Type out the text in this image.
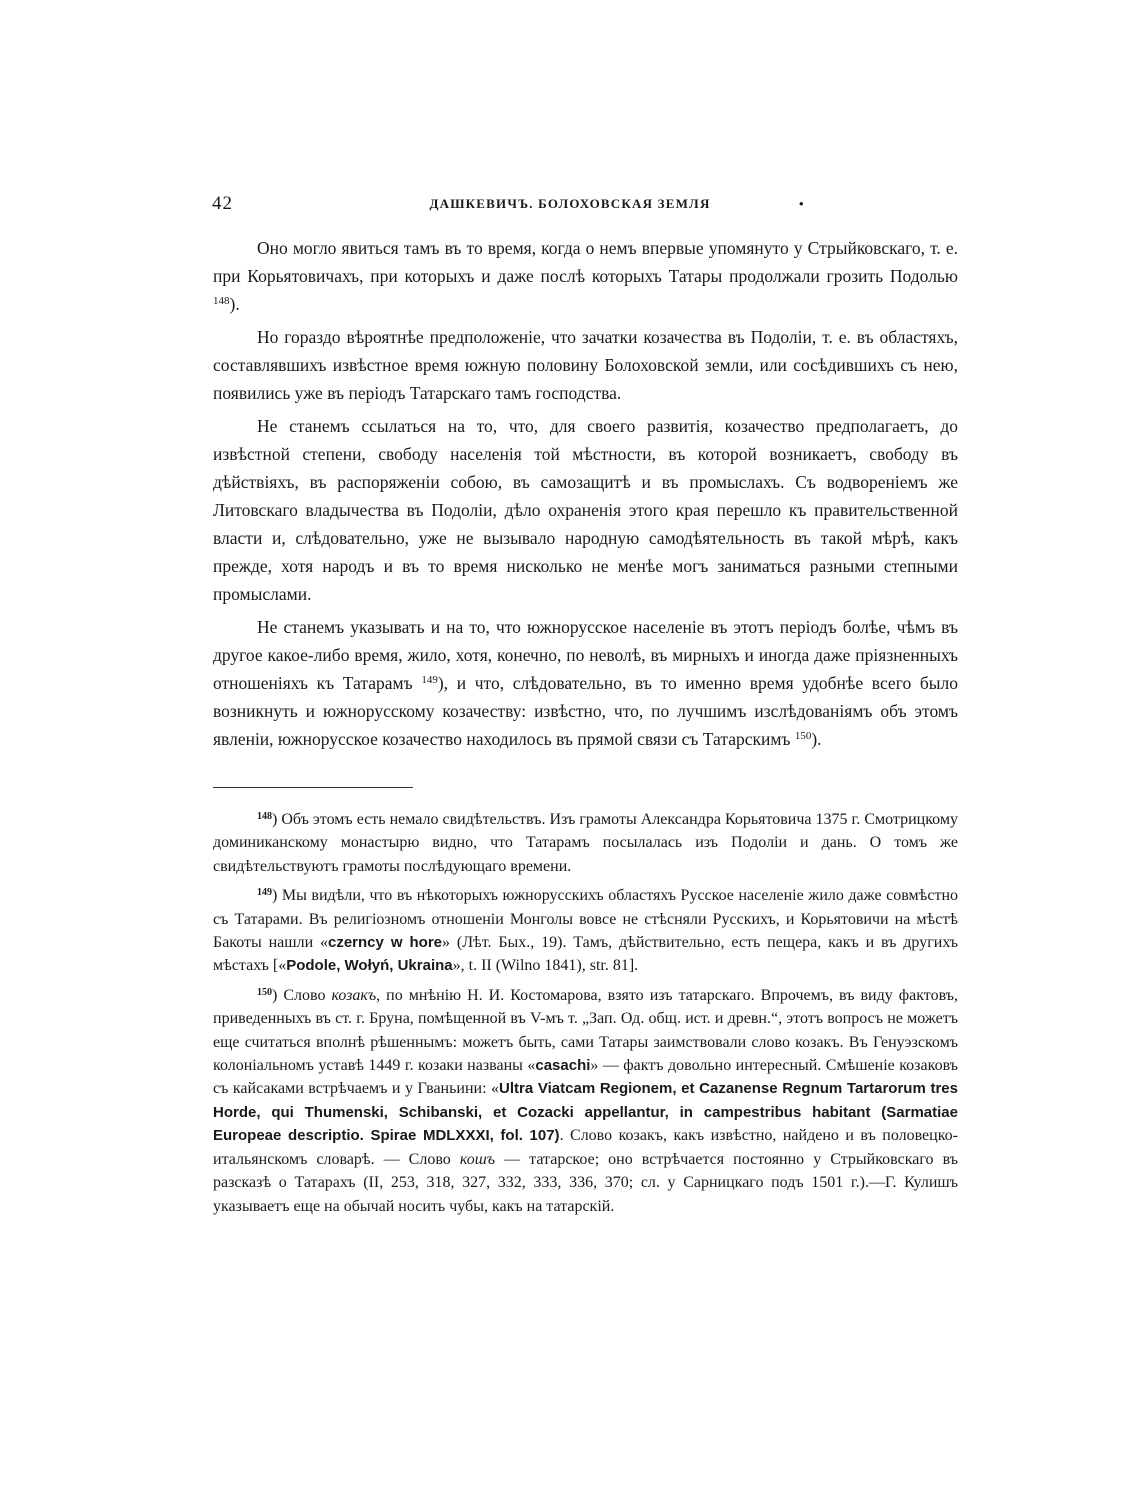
42	ДАШКЕВИЧЪ. БОЛОХОВСКАЯ ЗЕМЛЯ	•

Оно могло явиться тамъ въ то время, когда о немъ впервые упомянуто у Стрыйковскаго, т. е. при Корьятовичахъ, при которыхъ и даже послѣ которыхъ Татары продолжали грозить Подолью $^{148}$).

Но гораздо вѣроятнѣе предположеніе, что зачатки козачества въ Подоліи, т. е. въ областяхъ, составлявшихъ извѣстное время южную половину Болоховской земли, или сосѣдившихъ съ нею, появились уже въ періодъ Татарскаго тамъ господства.

Не станемъ ссылаться на то, что, для своего развитія, козачество предполагаетъ, до извѣстной степени, свободу населенія той мѣстности, въ которой возникаетъ, свободу въ дѣйствіяхъ, въ распоряженіи собою, въ самозащитѣ и въ промыслахъ. Съ водвореніемъ же Литовскаго владычества въ Подоліи, дѣло охраненія этого края перешло къ правительственной власти и, слѣдовательно, уже не вызывало народную самодѣятельность въ такой мѣрѣ, какъ прежде, хотя народъ и въ то время нисколько не менѣе могъ заниматься разными степными промыслами.

Не станемъ указывать и на то, что южнорусское населеніе въ этотъ періодъ болѣе, чѣмъ въ другое какое-либо время, жило, хотя, конечно, по неволѣ, въ мирныхъ и иногда даже пріязненныхъ отношеніяхъ къ Татарамъ $^{149}$), и что, слѣдовательно, въ то именно время удобнѣе всего было возникнуть и южнорусскому козачеству: извѣстно, что, по лучшимъ изслѣдованіямъ объ этомъ явленіи, южнорусское козачество находилось въ прямой связи съ Татарскимъ $^{150}$).

$^{148}$) Объ этомъ есть немало свидѣтельствъ. Изъ грамоты Александра Корьятовича 1375 г. Смотрицкому доминиканскому монастырю видно, что Татарамъ посылалась изъ Подоліи и дань. О томъ же свидѣтельствуютъ грамоты послѣдующаго времени.

$^{149}$) Мы видѣли, что въ нѣкоторыхъ южнорусскихъ областяхъ Русское населеніе жило даже совмѣстно съ Татарами. Въ религіозномъ отношеніи Монголы вовсе не стѣсняли Русскихъ, и Корьятовичи на мѣстѣ Бакоты нашли «czerncy w hore» (Лѣт. Бых., 19). Тамъ, дѣйствительно, есть пещера, какъ и въ другихъ мѣстахъ [«Podole, Wołyń, Ukraina», t. II (Wilno 1841), str. 81].

$^{150}$) Слово козакъ, по мнѣнію Н. И. Костомарова, взято изъ татарскаго. Впрочемъ, въ виду фактовъ, приведенныхъ въ ст. г. Бруна, помѣщенной въ V-мъ т. „Зап. Од. общ. ист. и древн.“, этотъ вопросъ не можетъ еще считаться вполнѣ рѣшеннымъ: можетъ быть, сами Татары заимствовали слово козакъ. Въ Генуэзскомъ колоніальномъ уставѣ 1449 г. козаки названы «casachi» — фактъ довольно интересный. Смѣшеніе козаковъ съ кайсаками встрѣчаемъ и у Гваньини: «Ultra Viatcam Regionem, et Cazanense Regnum Tartarorum tres Horde, qui Thumenski, Schibanski, et Cozacki appellantur, in campestribus habitant (Sarmatiae Europeae descriptio. Spirae MDLXXXI, fol. 107). Слово козакъ, какъ извѣстно, найдено и въ половецко-итальянскомъ словарѣ. — Слово кошъ — татарское; оно встрѣчается постоянно у Стрыйковскаго въ разсказѣ о Татарахъ (II, 253, 318, 327, 332, 333, 336, 370; сл. у Сарницкаго подъ 1501 г.).—Г. Кулишъ указываетъ еще на обычай носить чубы, какъ на татарскій.
